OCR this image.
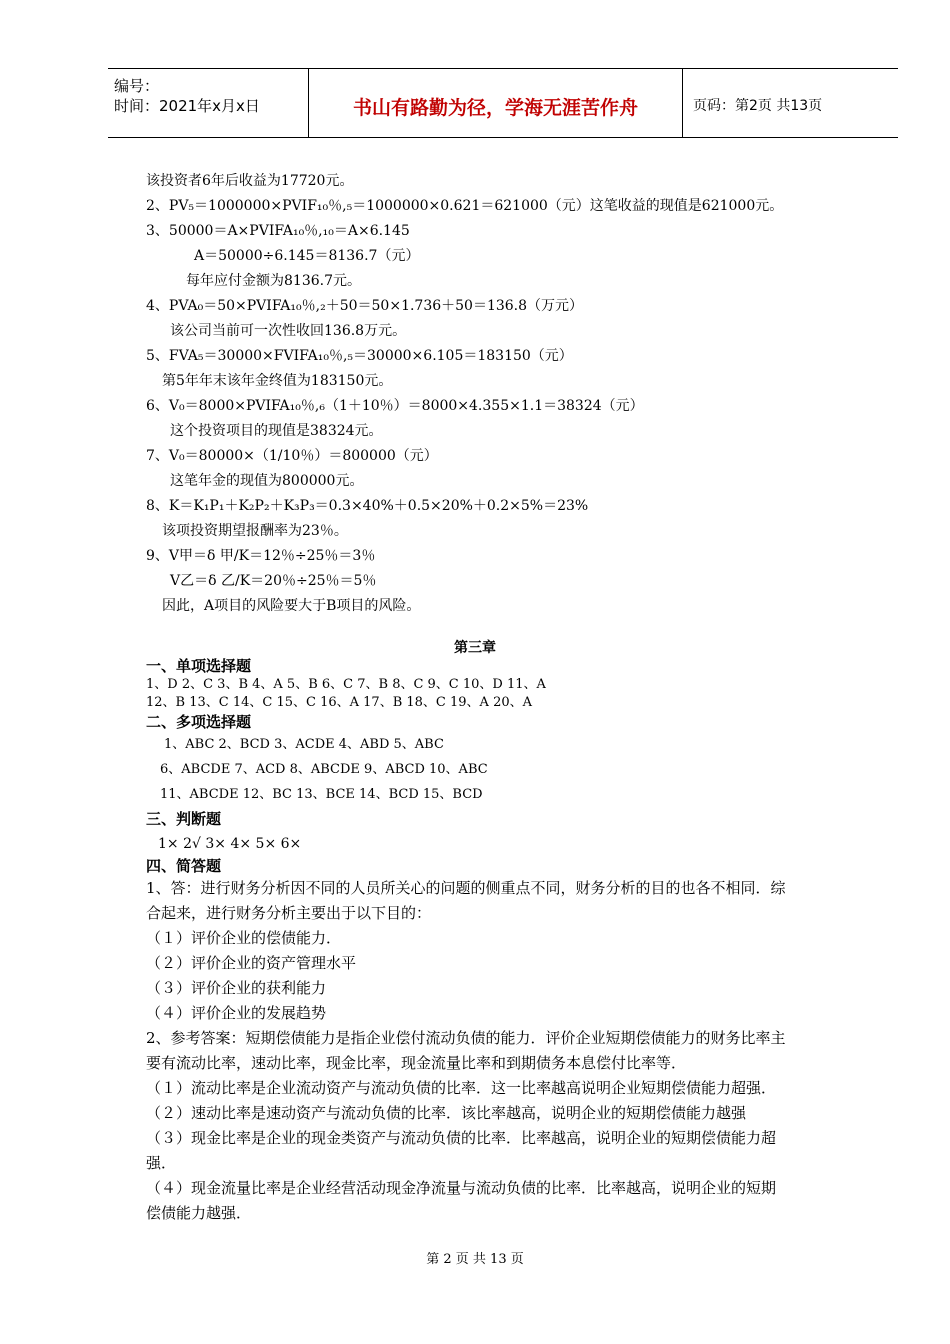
编号：
时间：2021年x月x日	书山有路勤为径，学海无涯苦作舟	页码：第2页 共13页
该投资者6年后收益为17720元。
2、PV₅＝1000000×PVIF₁₀％,₅＝1000000×0.621＝621000（元）这笔收益的现值是621000元。
3、50000＝A×PVIFA₁₀％,₁₀＝A×6.145
A＝50000÷6.145＝8136.7（元）
每年应付金额为8136.7元。
4、PVA₀＝50×PVIFA₁₀％,₂＋50＝50×1.736＋50＝136.8（万元）
该公司当前可一次性收回136.8万元。
5、FVA₅＝30000×FVIFA₁₀％,₅＝30000×6.105＝183150（元）
第5年年末该年金终值为183150元。
6、V₀＝8000×PVIFA₁₀％,₆（1＋10％）＝8000×4.355×1.1＝38324（元）
这个投资项目的现值是38324元。
7、V₀＝80000×（1/10％）＝800000（元）
这笔年金的现值为800000元。
8、K＝K₁P₁＋K₂P₂＋K₃P₃＝0.3×40%＋0.5×20%＋0.2×5%＝23%
该项投资期望报酬率为23％。
9、V甲＝δ 甲/K＝12％÷25％＝3％
V乙＝δ 乙/K＝20％÷25％＝5％
因此，A项目的风险要大于B项目的风险。
第三章
一、单项选择题
1、D 2、C 3、B 4、A 5、B 6、C 7、B 8、C 9、C 10、D 11、A
12、B 13、C 14、C 15、C 16、A 17、B 18、C 19、A 20、A
二、多项选择题
1、ABC 2、BCD 3、ACDE 4、ABD 5、ABC
6、ABCDE 7、ACD 8、ABCDE 9、ABCD 10、ABC
11、ABCDE 12、BC 13、BCE 14、BCD 15、BCD
三、判断题
1× 2√ 3× 4× 5× 6×
四、简答题
1、答：进行财务分析因不同的人员所关心的问题的侧重点不同，财务分析的目的也各不相同．综
合起来，进行财务分析主要出于以下目的：
（１）评价企业的偿债能力．
（２）评价企业的资产管理水平
（３）评价企业的获利能力
（４）评价企业的发展趋势
2、参考答案：短期偿债能力是指企业偿付流动负债的能力．评价企业短期偿债能力的财务比率主
要有流动比率，速动比率，现金比率，现金流量比率和到期债务本息偿付比率等．
（１）流动比率是企业流动资产与流动负债的比率．这一比率越高说明企业短期偿债能力超强．
（２）速动比率是速动资产与流动负债的比率．该比率越高，说明企业的短期偿债能力越强
（３）现金比率是企业的现金类资产与流动负债的比率．比率越高，说明企业的短期偿债能力超
强．
（４）现金流量比率是企业经营活动现金净流量与流动负债的比率．比率越高，说明企业的短期
偿债能力越强．
第 2 页 共 13 页
